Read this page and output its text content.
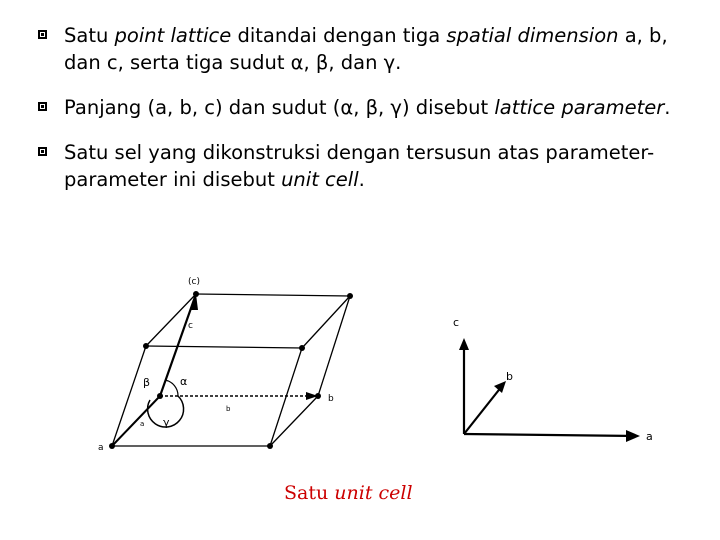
Satu point lattice ditandai dengan tiga spatial dimension a, b, dan c, serta tiga sudut α, β, dan γ.
Panjang (a, b, c) dan sudut (α, β, γ) disebut lattice parameter.
Satu sel yang dikonstruksi dengan tersusun atas parameter-parameter ini disebut unit cell.
(c)
c
α
β
γ
b
b
a
a
c
b
a
Satu unit cell
